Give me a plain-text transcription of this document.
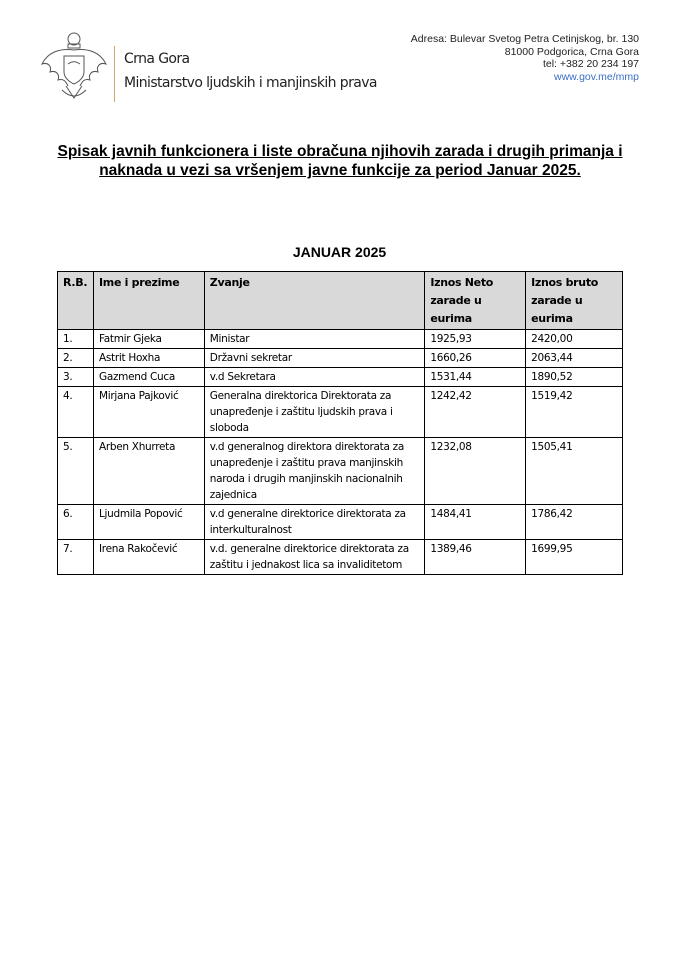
Crna Gora
Ministarstvo ljudskih i manjinskih prava
Adresa: Bulevar Svetog Petra Cetinjskog, br. 130
81000 Podgorica, Crna Gora
tel: +382 20 234 197
www.gov.me/mmp
Spisak javnih funkcionera i liste obračuna njihovih zarada i drugih primanja i naknada u vezi sa vršenjem javne funkcije za period Januar 2025.
JANUAR 2025
R.B.	Ime i prezime	Zvanje	Iznos Neto zarade u eurima	Iznos bruto zarade u eurima
1.	Fatmir Gjeka	Ministar	1925,93	2420,00
2.	Astrit Hoxha	Državni sekretar	1660,26	2063,44
3.	Gazmend Cuca	v.d Sekretara	1531,44	1890,52
4.	Mirjana Pajković	Generalna direktorica Direktorata za unapređenje i zaštitu ljudskih prava i sloboda	1242,42	1519,42
5.	Arben Xhurreta	v.d generalnog direktora direktorata za unapređenje i zaštitu prava manjinskih naroda i drugih manjinskih nacionalnih zajednica	1232,08	1505,41
6.	Ljudmila Popović	v.d generalne direktorice direktorata za interkulturalnost	1484,41	1786,42
7.	Irena Rakočević	v.d. generalne direktorice direktorata za zaštitu i jednakost lica sa invaliditetom	1389,46	1699,95
